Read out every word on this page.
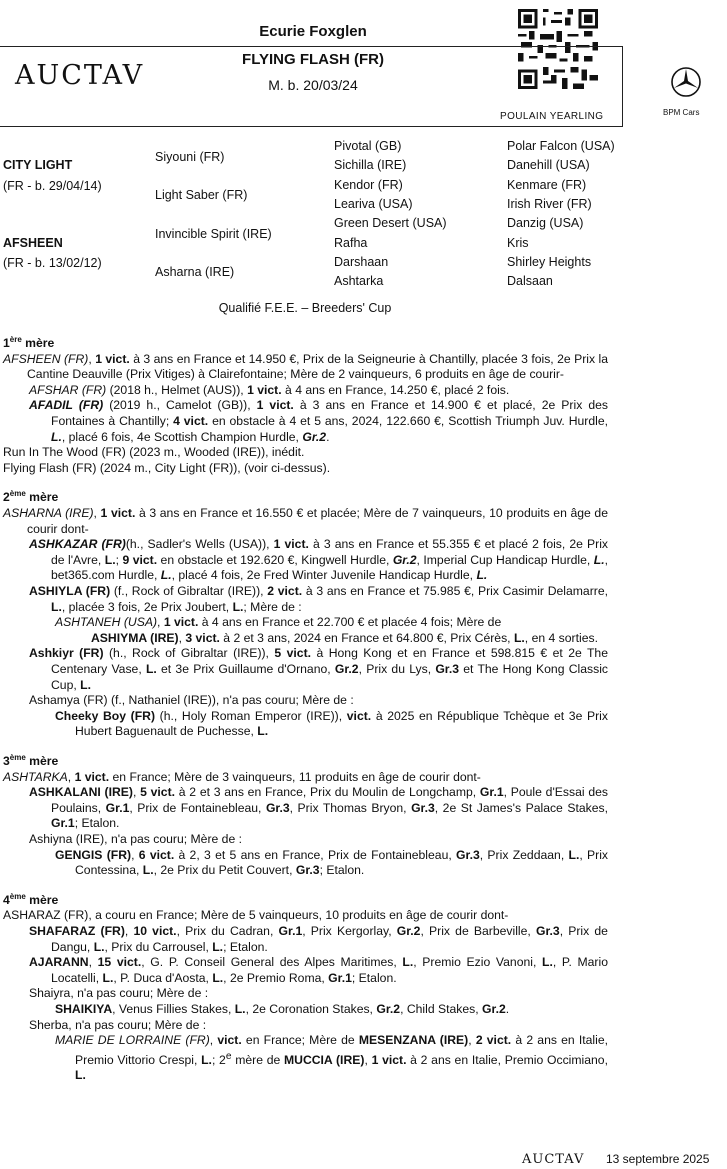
Ecurie Foxglen
FLYING FLASH (FR)
M. b. 20/03/24
AUCTAV
POULAIN YEARLING	BPM Cars
CITY LIGHT
(FR - b. 29/04/14)
AFSHEEN
(FR - b. 13/02/12)
Siyouni (FR)
Light Saber (FR)
Invincible Spirit (IRE)
Asharna (IRE)
Pivotal (GB)
Sichilla (IRE)
Kendor (FR)
Leariva (USA)
Green Desert (USA)
Rafha
Darshaan
Ashtarka
Polar Falcon (USA)
Danehill (USA)
Kenmare (FR)
Irish River (FR)
Danzig (USA)
Kris
Shirley Heights
Dalsaan
Qualifié F.E.E. – Breeders' Cup

1ère mère

AFSHEEN (FR), 1 vict. à 3 ans en France et 14.950 €, Prix de la Seigneurie à Chantilly, placée 3 fois, 2e Prix la Cantine Deauville (Prix Vitiges) à Clairefontaine; Mère de 2 vainqueurs, 6 produits en âge de courir-

AFSHAR (FR) (2018 h., Helmet (AUS)), 1 vict. à 4 ans en France, 14.250 €, placé 2 fois.

AFADIL (FR) (2019 h., Camelot (GB)), 1 vict. à 3 ans en France et 14.900 € et placé, 2e Prix des Fontaines à Chantilly; 4 vict. en obstacle à 4 et 5 ans, 2024, 122.660 €, Scottish Triumph Juv. Hurdle, L., placé 6 fois, 4e Scottish Champion Hurdle, Gr.2.

Run In The Wood (FR) (2023 m., Wooded (IRE)), inédit.

Flying Flash (FR) (2024 m., City Light (FR)), (voir ci-dessus).

2ème mère

ASHARNA (IRE), 1 vict. à 3 ans en France et 16.550 € et placée; Mère de 7 vainqueurs, 10 produits en âge de courir dont-

ASHKAZAR (FR)(h., Sadler's Wells (USA)), 1 vict. à 3 ans en France et 55.355 € et placé 2 fois, 2e Prix de l'Avre, L.; 9 vict. en obstacle et 192.620 €, Kingwell Hurdle, Gr.2, Imperial Cup Handicap Hurdle, L., bet365.com Hurdle, L., placé 4 fois, 2e Fred Winter Juvenile Handicap Hurdle, L.

ASHIYLA (FR) (f., Rock of Gibraltar (IRE)), 2 vict. à 3 ans en France et 75.985 €, Prix Casimir Delamarre, L., placée 3 fois, 2e Prix Joubert, L.; Mère de :

ASHTANEH (USA), 1 vict. à 4 ans en France et 22.700 € et placée 4 fois; Mère de

ASHIYMA (IRE), 3 vict. à 2 et 3 ans, 2024 en France et 64.800 €, Prix Cérès, L., en 4 sorties.

Ashkiyr (FR) (h., Rock of Gibraltar (IRE)), 5 vict. à Hong Kong et en France et 598.815 € et 2e The Centenary Vase, L. et 3e Prix Guillaume d'Ornano, Gr.2, Prix du Lys, Gr.3 et The Hong Kong Classic Cup, L.

Ashamya (FR) (f., Nathaniel (IRE)), n'a pas couru; Mère de :

Cheeky Boy (FR) (h., Holy Roman Emperor (IRE)), vict. à 2025 en République Tchèque et 3e Prix Hubert Baguenault de Puchesse, L.

3ème mère

ASHTARKA, 1 vict. en France; Mère de 3 vainqueurs, 11 produits en âge de courir dont-

ASHKALANI (IRE), 5 vict. à 2 et 3 ans en France, Prix du Moulin de Longchamp, Gr.1, Poule d'Essai des Poulains, Gr.1, Prix de Fontainebleau, Gr.3, Prix Thomas Bryon, Gr.3, 2e St James's Palace Stakes, Gr.1; Etalon.

Ashiyna (IRE), n'a pas couru; Mère de :

GENGIS (FR), 6 vict. à 2, 3 et 5 ans en France, Prix de Fontainebleau, Gr.3, Prix Zeddaan, L., Prix Contessina, L., 2e Prix du Petit Couvert, Gr.3; Etalon.

4ème mère

ASHARAZ (FR), a couru en France; Mère de 5 vainqueurs, 10 produits en âge de courir dont-

SHAFARAZ (FR), 10 vict., Prix du Cadran, Gr.1, Prix Kergorlay, Gr.2, Prix de Barbeville, Gr.3, Prix de Dangu, L., Prix du Carrousel, L.; Etalon.

AJARANN, 15 vict., G. P. Conseil General des Alpes Maritimes, L., Premio Ezio Vanoni, L., P. Mario Locatelli, L., P. Duca d'Aosta, L., 2e Premio Roma, Gr.1; Etalon.

Shaiyra, n'a pas couru; Mère de :

SHAIKIYA, Venus Fillies Stakes, L., 2e Coronation Stakes, Gr.2, Child Stakes, Gr.2.

Sherba, n'a pas couru; Mère de :

MARIE DE LORRAINE (FR), vict. en France; Mère de MESENZANA (IRE), 2 vict. à 2 ans en Italie, Premio Vittorio Crespi, L.; 2e mère de MUCCIA (IRE), 1 vict. à 2 ans en Italie, Premio Occimiano, L.

AUCTAV 13 septembre 2025
